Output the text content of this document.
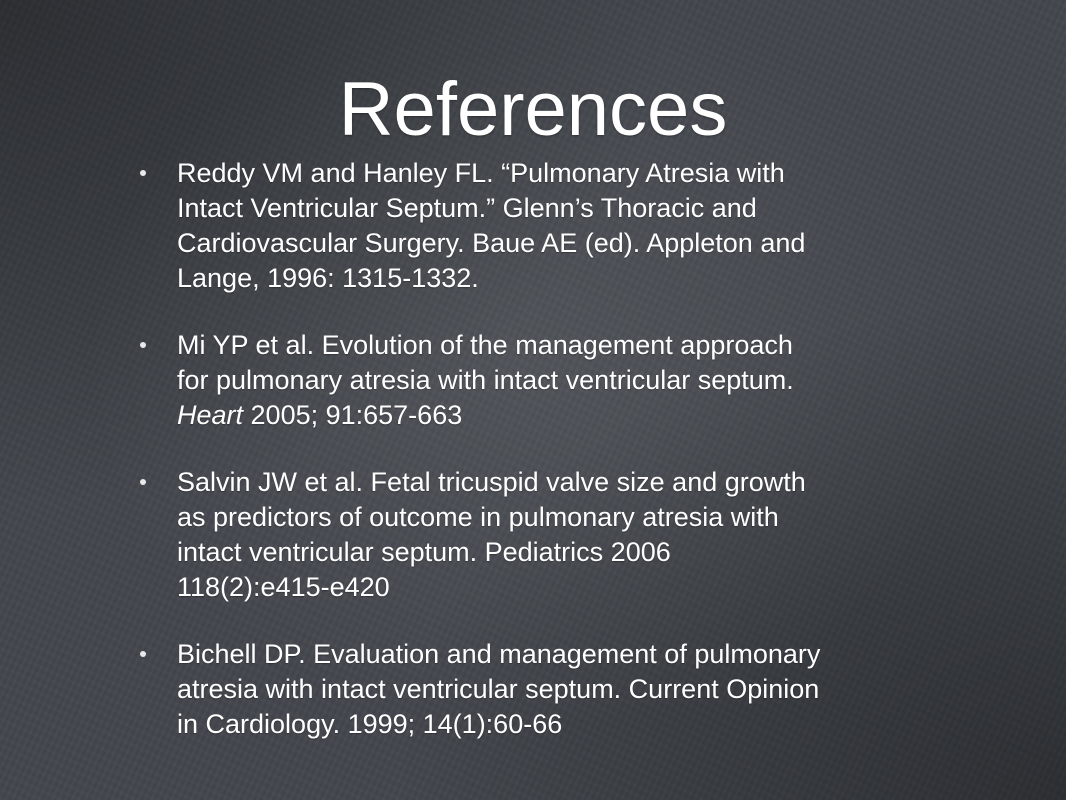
References
Reddy VM and Hanley FL. “Pulmonary Atresia with
Intact Ventricular Septum.” Glenn’s Thoracic and
Cardiovascular Surgery. Baue AE (ed). Appleton and
Lange, 1996: 1315-1332.
Mi YP et al. Evolution of the management approach
for pulmonary atresia with intact ventricular septum.
Heart 2005; 91:657-663
Salvin JW et al. Fetal tricuspid valve size and growth
as predictors of outcome in pulmonary atresia with
intact ventricular septum. Pediatrics 2006
118(2):e415-e420
Bichell DP. Evaluation and management of pulmonary
atresia with intact ventricular septum. Current Opinion
in Cardiology. 1999; 14(1):60-66
